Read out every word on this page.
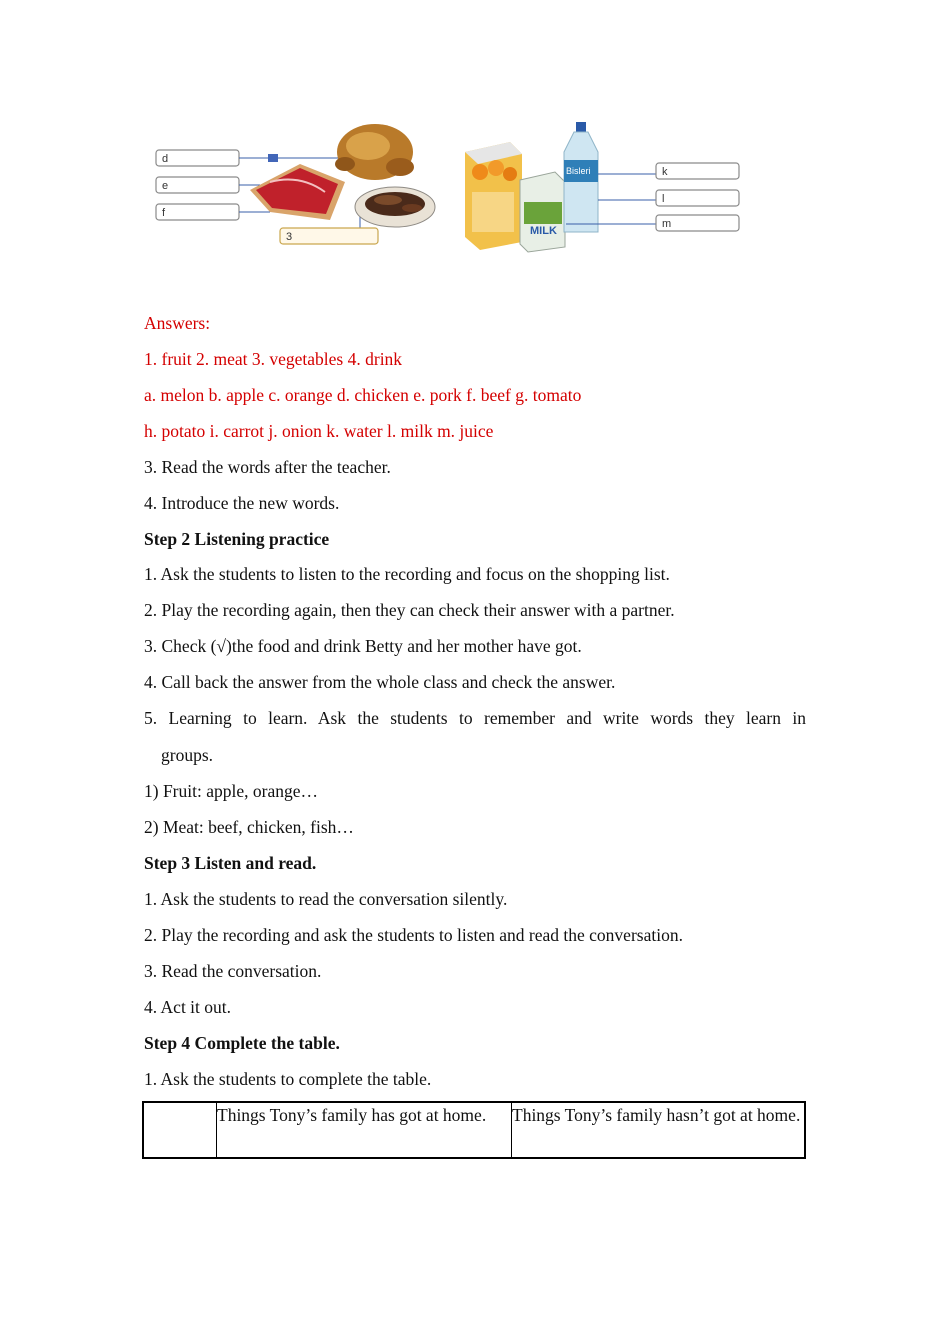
d
e
f
3	MILK
Bisleri	k
l
m
Answers:
1. fruit 2. meat 3. vegetables 4. drink
a. melon b. apple c. orange d. chicken e. pork f. beef g. tomato
h. potato i. carrot j. onion k. water l. milk m. juice
3. Read the words after the teacher.
4. Introduce the new words.
Step 2 Listening practice
1. Ask the students to listen to the recording and focus on the shopping list.
2. Play the recording again, then they can check their answer with a partner.
3. Check (√)the food and drink Betty and her mother have got.
4. Call back the answer from the whole class and check the answer.
5. Learning to learn. Ask the students to remember and write words they learn in
groups.
1) Fruit: apple, orange…
2) Meat: beef, chicken, fish…
Step 3 Listen and read.
1. Ask the students to read the conversation silently.
2. Play the recording and ask the students to listen and read the conversation.
3. Read the conversation.
4. Act it out.
Step 4 Complete the table.
1. Ask the students to complete the table.
	Things Tony’s family has got at home.	Things Tony’s family hasn’t got at home.
